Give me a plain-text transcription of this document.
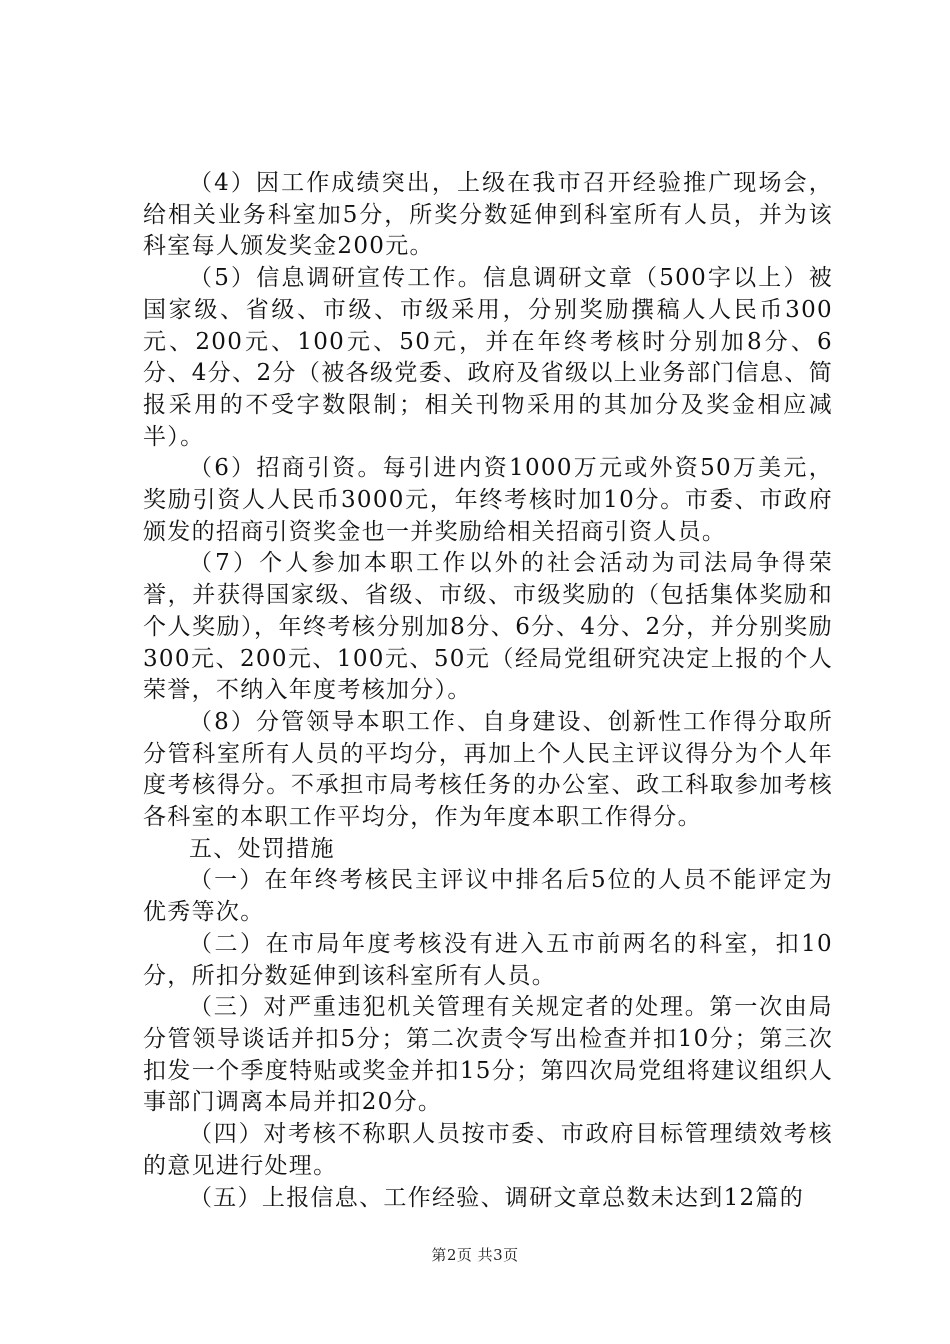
（4）因工作成绩突出，上级在我市召开经验推广现场会，给相关业务科室加5分，所奖分数延伸到科室所有人员，并为该科室每人颁发奖金200元。

（5）信息调研宣传工作。信息调研文章（500字以上）被国家级、省级、市级、市级采用，分别奖励撰稿人人民币300元、200元、100元、50元，并在年终考核时分别加8分、6分、4分、2分（被各级党委、政府及省级以上业务部门信息、简报采用的不受字数限制；相关刊物采用的其加分及奖金相应减半）。

（6）招商引资。每引进内资1000万元或外资50万美元，奖励引资人人民币3000元，年终考核时加10分。市委、市政府颁发的招商引资奖金也一并奖励给相关招商引资人员。

（7）个人参加本职工作以外的社会活动为司法局争得荣誉，并获得国家级、省级、市级、市级奖励的（包括集体奖励和个人奖励），年终考核分别加8分、6分、4分、2分，并分别奖励300元、200元、100元、50元（经局党组研究决定上报的个人荣誉，不纳入年度考核加分）。

（8）分管领导本职工作、自身建设、创新性工作得分取所分管科室所有人员的平均分，再加上个人民主评议得分为个人年度考核得分。不承担市局考核任务的办公室、政工科取参加考核各科室的本职工作平均分，作为年度本职工作得分。

五、处罚措施

（一）在年终考核民主评议中排名后5位的人员不能评定为优秀等次。

（二）在市局年度考核没有进入五市前两名的科室，扣10分，所扣分数延伸到该科室所有人员。

（三）对严重违犯机关管理有关规定者的处理。第一次由局分管领导谈话并扣5分；第二次责令写出检查并扣10分；第三次扣发一个季度特贴或奖金并扣15分；第四次局党组将建议组织人事部门调离本局并扣20分。

（四）对考核不称职人员按市委、市政府目标管理绩效考核的意见进行处理。

（五）上报信息、工作经验、调研文章总数未达到12篇的

第2页 共3页
